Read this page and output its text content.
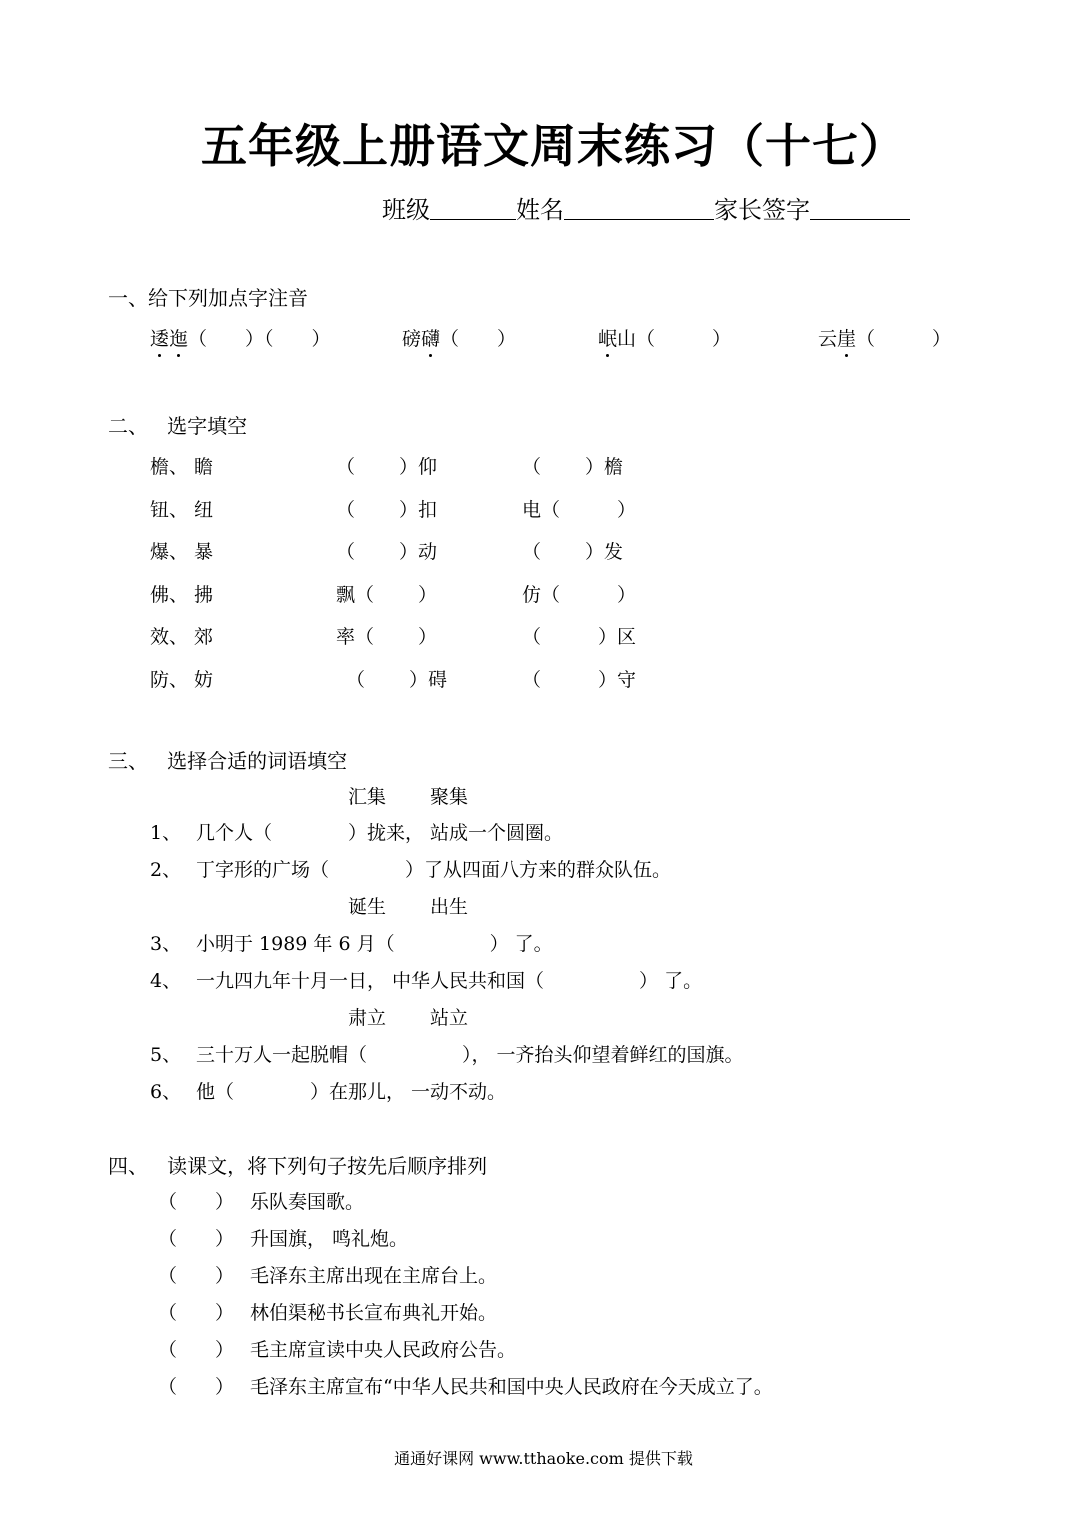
五年级上册语文周末练习（十七）
班级	姓名	家长签字
一、给下列加点字注音
逶迤（　　）（　　）	磅礴（　　）	岷山（　　　）	云崖（　　　）
二、 选字填空
檐、 瞻	（　　 ）仰	（　　 ）檐
钮、 纽	（　　 ）扣	电（　　　）
爆、 暴	（　　 ）动	（　　 ）发
佛、 拂	飘（　　 ）	仿（　　　）
效、 郊	率（　　 ）	（　　　）区
防、 妨	（　　 ）碍	（　　　）守
三、 选择合适的词语填空
汇集　　 聚集
1、 几个人（　　　　）拢来， 站成一个圆圈。
2、 丁字形的广场（　　　　）了从四面八方来的群众队伍。
诞生　　 出生
3、 小明于 1989 年 6 月（　　　　　） 了。
4、 一九四九年十月一日， 中华人民共和国（　　　　　） 了。
肃立　　 站立
5、 三十万人一起脱帽（　　　　　）， 一齐抬头仰望着鲜红的国旗。
6、 他（　　　　）在那儿， 一动不动。
四、 读课文，将下列句子按先后顺序排列
（　　） 乐队奏国歌。
（　　） 升国旗， 鸣礼炮。
（　　） 毛泽东主席出现在主席台上。
（　　） 林伯渠秘书长宣布典礼开始。
（　　） 毛主席宣读中央人民政府公告。
（　　） 毛泽东主席宣布“中华人民共和国中央人民政府在今天成立了。
通通好课网 www.tthaoke.com 提供下载
